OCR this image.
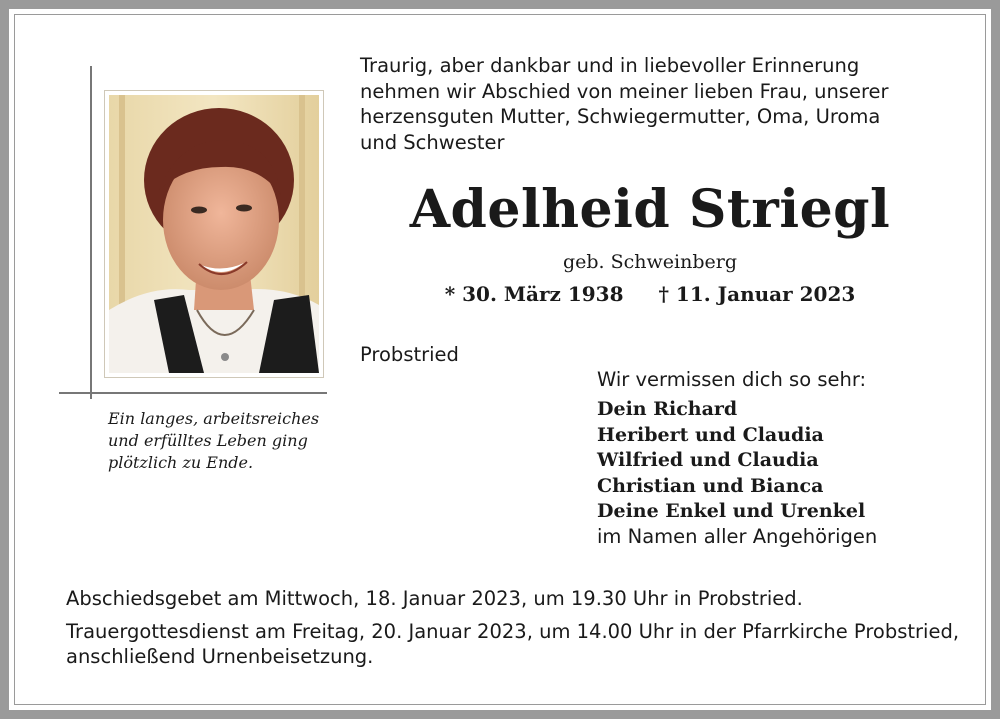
Ein langes, arbeitsreiches
und erfülltes Leben ging
plötzlich zu Ende.
Traurig, aber dankbar und in liebevoller Erinnerung
nehmen wir Abschied von meiner lieben Frau, unserer
herzensguten Mutter, Schwiegermutter, Oma, Uroma
und Schwester
Adelheid Striegl
geb. Schweinberg
* 30. März 1938 † 11. Januar 2023
Probstried
Wir vermissen dich so sehr:
Dein Richard
Heribert und Claudia
Wilfried und Claudia
Christian und Bianca
Deine Enkel und Urenkel
im Namen aller Angehörigen
Abschiedsgebet am Mittwoch, 18. Januar 2023, um 19.30 Uhr in Probstried.
Trauergottesdienst am Freitag, 20. Januar 2023, um 14.00 Uhr in der Pfarrkirche Probstried, anschließend Urnenbeisetzung.
